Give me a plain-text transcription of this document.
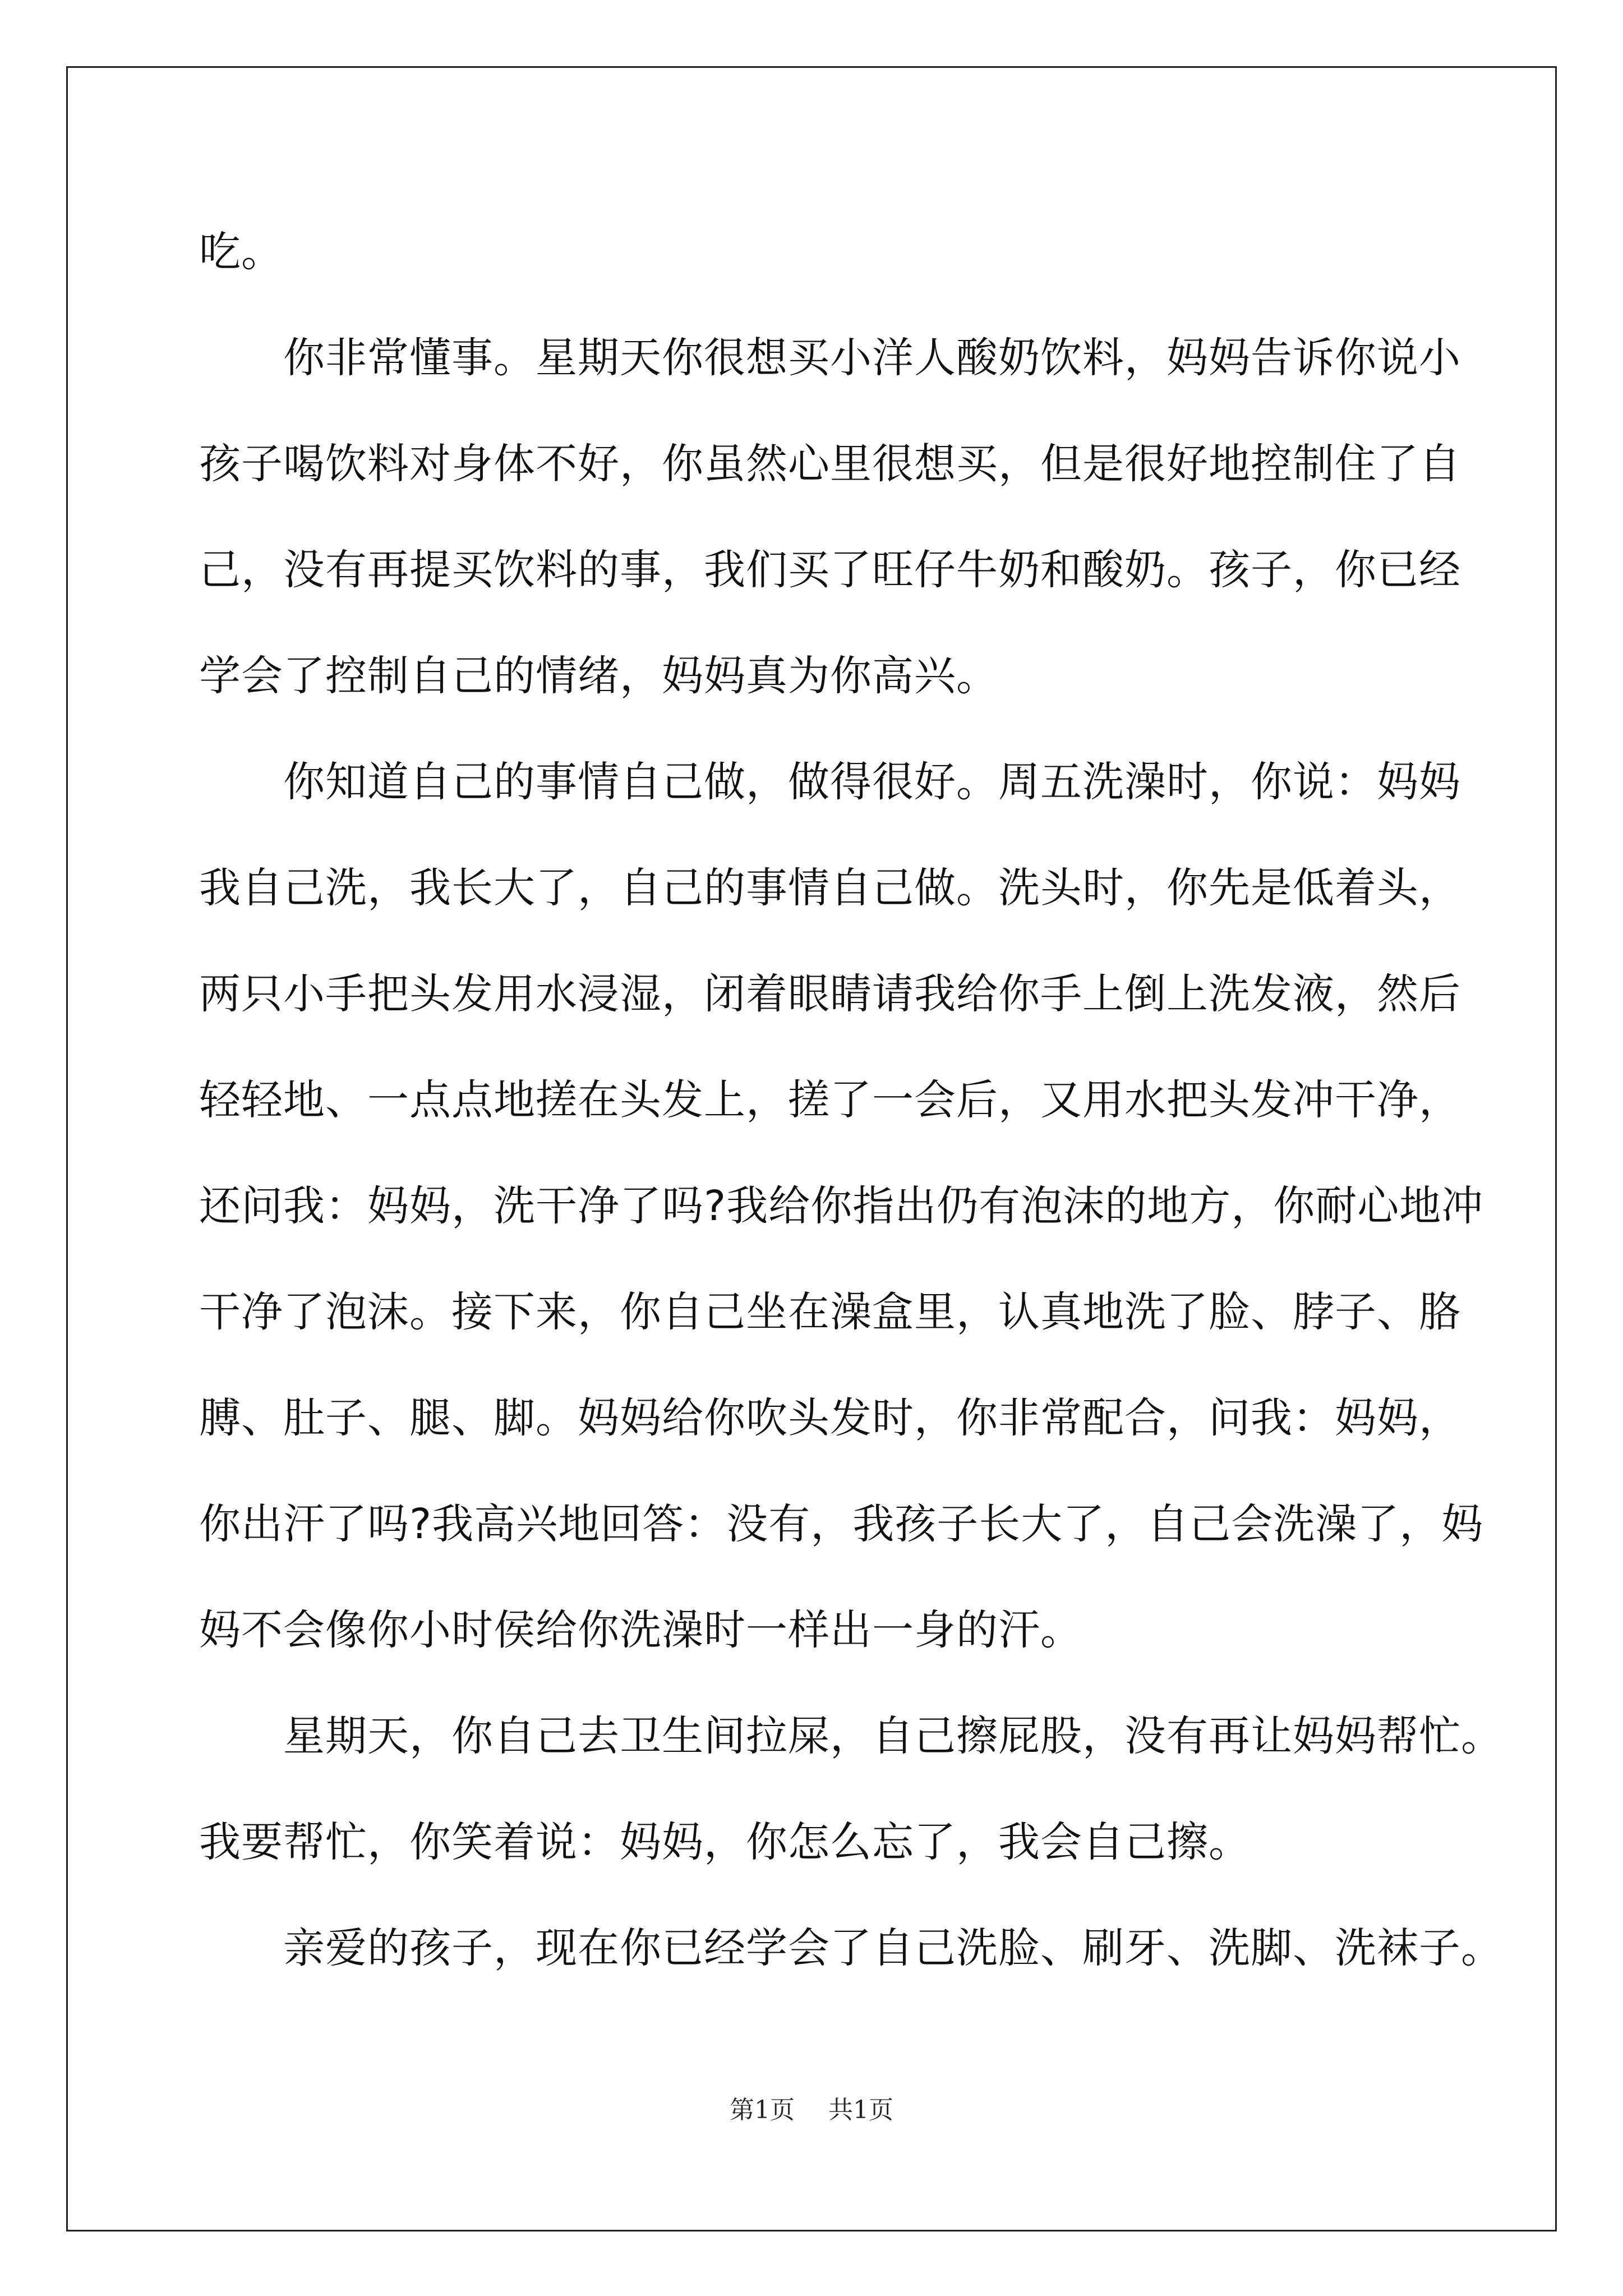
吃。
　　你非常懂事。星期天你很想买小洋人酸奶饮料，妈妈告诉你说小
孩子喝饮料对身体不好，你虽然心里很想买，但是很好地控制住了自
己，没有再提买饮料的事，我们买了旺仔牛奶和酸奶。孩子，你已经
学会了控制自己的情绪，妈妈真为你高兴。
　　你知道自己的事情自己做，做得很好。周五洗澡时，你说：妈妈
我自己洗，我长大了，自己的事情自己做。洗头时，你先是低着头，
两只小手把头发用水浸湿，闭着眼睛请我给你手上倒上洗发液，然后
轻轻地、一点点地搓在头发上，搓了一会后，又用水把头发冲干净，
还问我：妈妈，洗干净了吗?我给你指出仍有泡沫的地方，你耐心地冲
干净了泡沫。接下来，你自己坐在澡盒里，认真地洗了脸、脖子、胳
膊、肚子、腿、脚。妈妈给你吹头发时，你非常配合，问我：妈妈，
你出汗了吗?我高兴地回答：没有，我孩子长大了，自己会洗澡了，妈
妈不会像你小时侯给你洗澡时一样出一身的汗。
　　星期天，你自己去卫生间拉屎，自己擦屁股，没有再让妈妈帮忙。
我要帮忙，你笑着说：妈妈，你怎么忘了，我会自己擦。
　　亲爱的孩子，现在你已经学会了自己洗脸、刷牙、洗脚、洗袜子。
第1页 共1页
